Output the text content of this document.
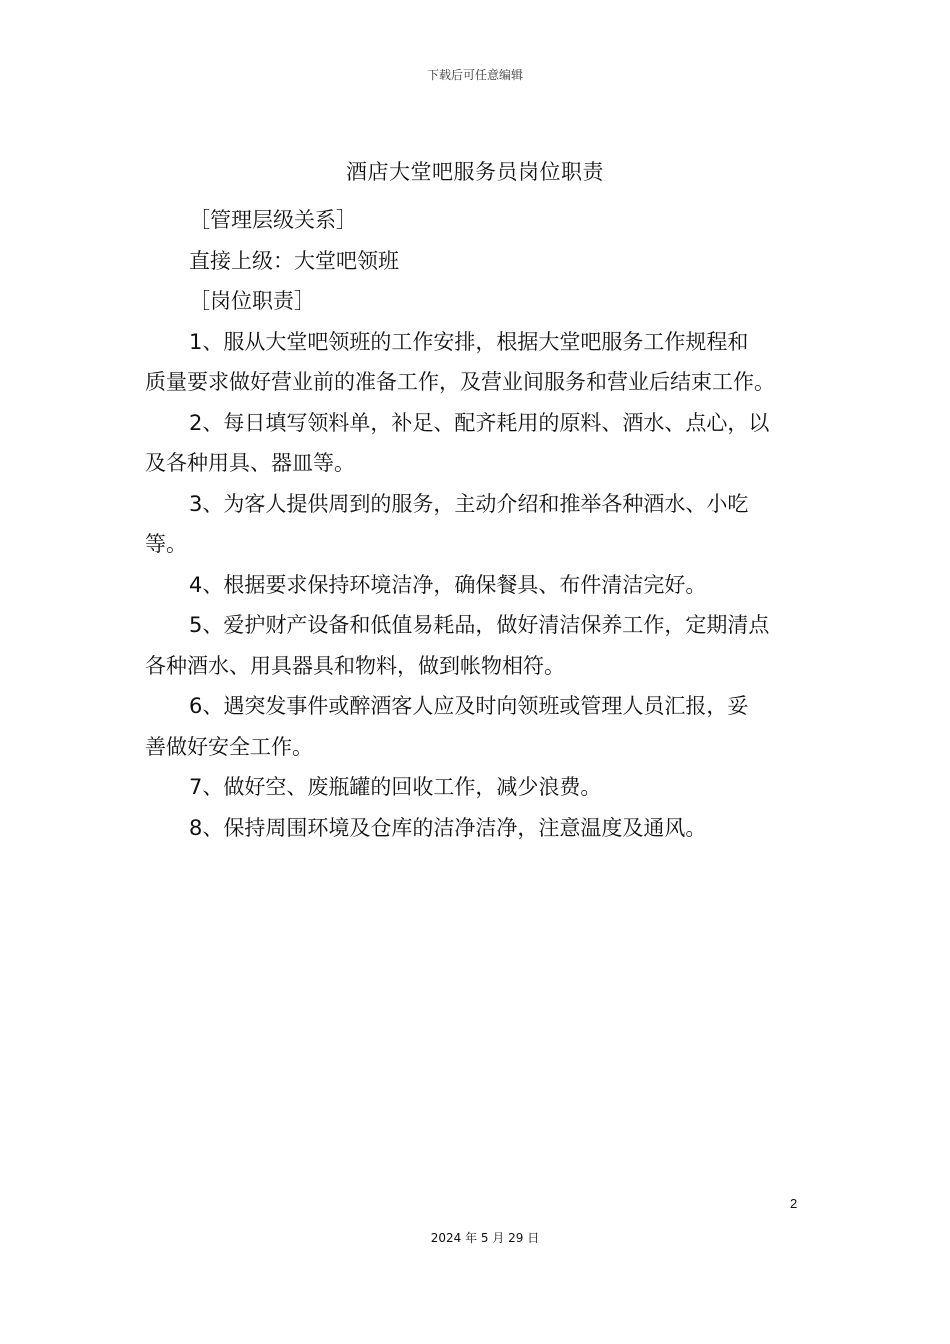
下载后可任意编辑
酒店大堂吧服务员岗位职责

［管理层级关系］

直接上级：大堂吧领班

［岗位职责］

1、服从大堂吧领班的工作安排，根据大堂吧服务工作规程和

质量要求做好营业前的准备工作，及营业间服务和营业后结束工作。

2、每日填写领料单，补足、配齐耗用的原料、酒水、点心，以

及各种用具、器皿等。

3、为客人提供周到的服务，主动介绍和推举各种酒水、小吃

等。

4、根据要求保持环境洁净，确保餐具、布件清洁完好。

5、爱护财产设备和低值易耗品，做好清洁保养工作，定期清点

各种酒水、用具器具和物料，做到帐物相符。

6、遇突发事件或醉酒客人应及时向领班或管理人员汇报，妥

善做好安全工作。

7、做好空、废瓶罐的回收工作，减少浪费。

8、保持周围环境及仓库的洁净洁净，注意温度及通风。

2
2024 年 5 月 29 日
